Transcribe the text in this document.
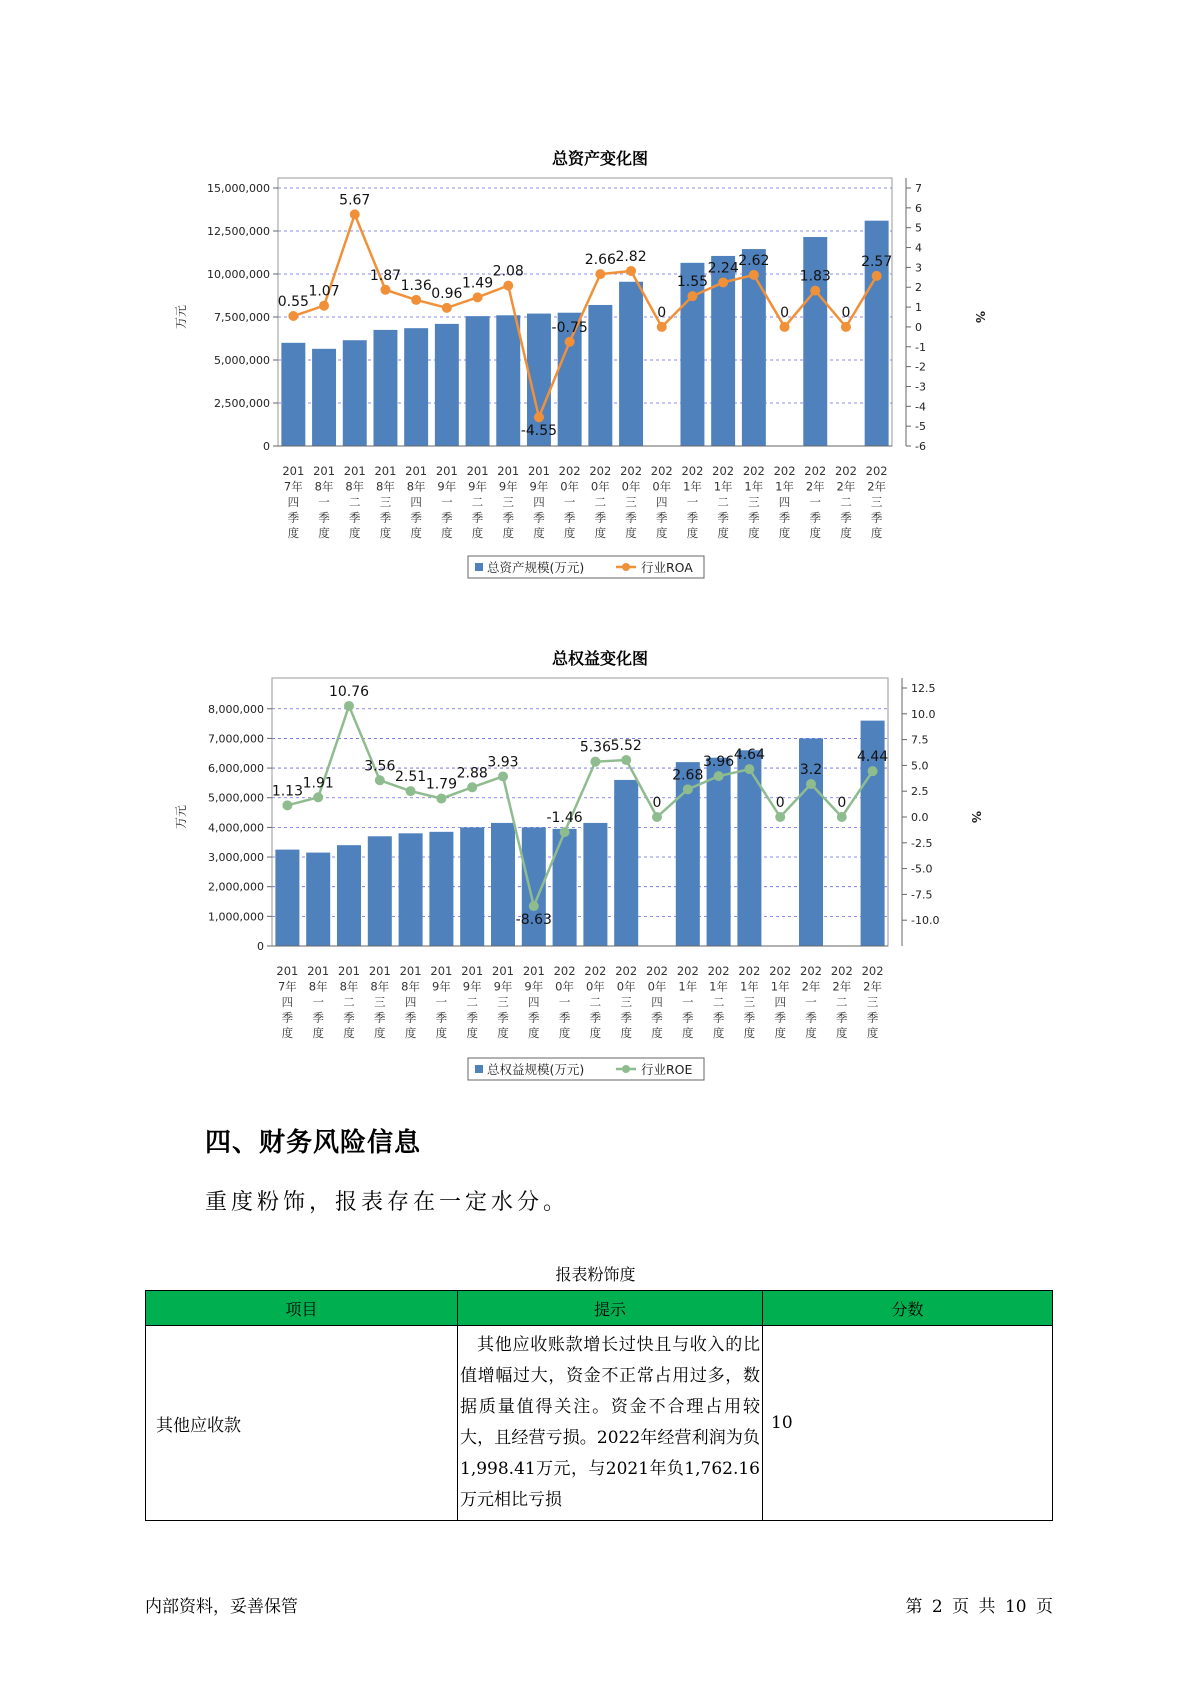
总资产变化图
0
2,500,000
5,000,000
7,500,000
10,000,000
12,500,000
15,000,000
-6
-5
-4
-3
-2
-1
0
1
2
3
4
5
6
7
万元	%
201
7年
四
季
度
201
8年
一
季
度
201
8年
二
季
度
201
8年
三
季
度
201
8年
四
季
度
201
9年
一
季
度
201
9年
二
季
度
201
9年
三
季
度
201
9年
四
季
度
202
0年
一
季
度
202
0年
二
季
度
202
0年
三
季
度
202
0年
四
季
度
202
1年
一
季
度
202
1年
二
季
度
202
1年
三
季
度
202
1年
四
季
度
202
2年
一
季
度
202
2年
二
季
度
202
2年
三
季
度
0.55
1.07
5.67
1.87
1.36 0.96
1.49
2.08
-4.55
-0.75
2.66 2.82
0
1.55
2.24 2.62
0
1.83
0
2.57
总资产规模(万元)	行业ROA
总权益变化图
0
1,000,000
2,000,000
3,000,000
4,000,000
5,000,000
6,000,000
7,000,000
8,000,000
-10.0
-7.5
-5.0
-2.5
0.0
2.5
5.0
7.5
10.0
12.5
万元	%
201
7年
四
季
度
201
8年
一
季
度
201
8年
二
季
度
201
8年
三
季
度
201
8年
四
季
度
201
9年
一
季
度
201
9年
二
季
度
201
9年
三
季
度
201
9年
四
季
度
202
0年
一
季
度
202
0年
二
季
度
202
0年
三
季
度
202
0年
四
季
度
202
1年
一
季
度
202
1年
二
季
度
202
1年
三
季
度
202
1年
四
季
度
202
2年
一
季
度
202
2年
二
季
度
202
2年
三
季
度
1.13
1.91
10.76
3.56
2.51 1.79
2.88
3.93
-8.63
-1.46
5.36 5.52
0
2.68
3.96 4.64
0
3.2
0
4.44
总权益规模(万元)	行业ROE
四、财务风险信息
重度粉饰，报表存在一定水分。
报表粉饰度
项目	提示	分数
其他应收款	其他应收账款增长过快且与收入的比值增幅过大，资金不正常占用过多，数据质量值得关注。资金不合理占用较大，且经营亏损。2022年经营利润为负1,998.41万元，与2021年负1,762.16万元相比亏损	10
内部资料，妥善保管	第 2 页 共 10 页
